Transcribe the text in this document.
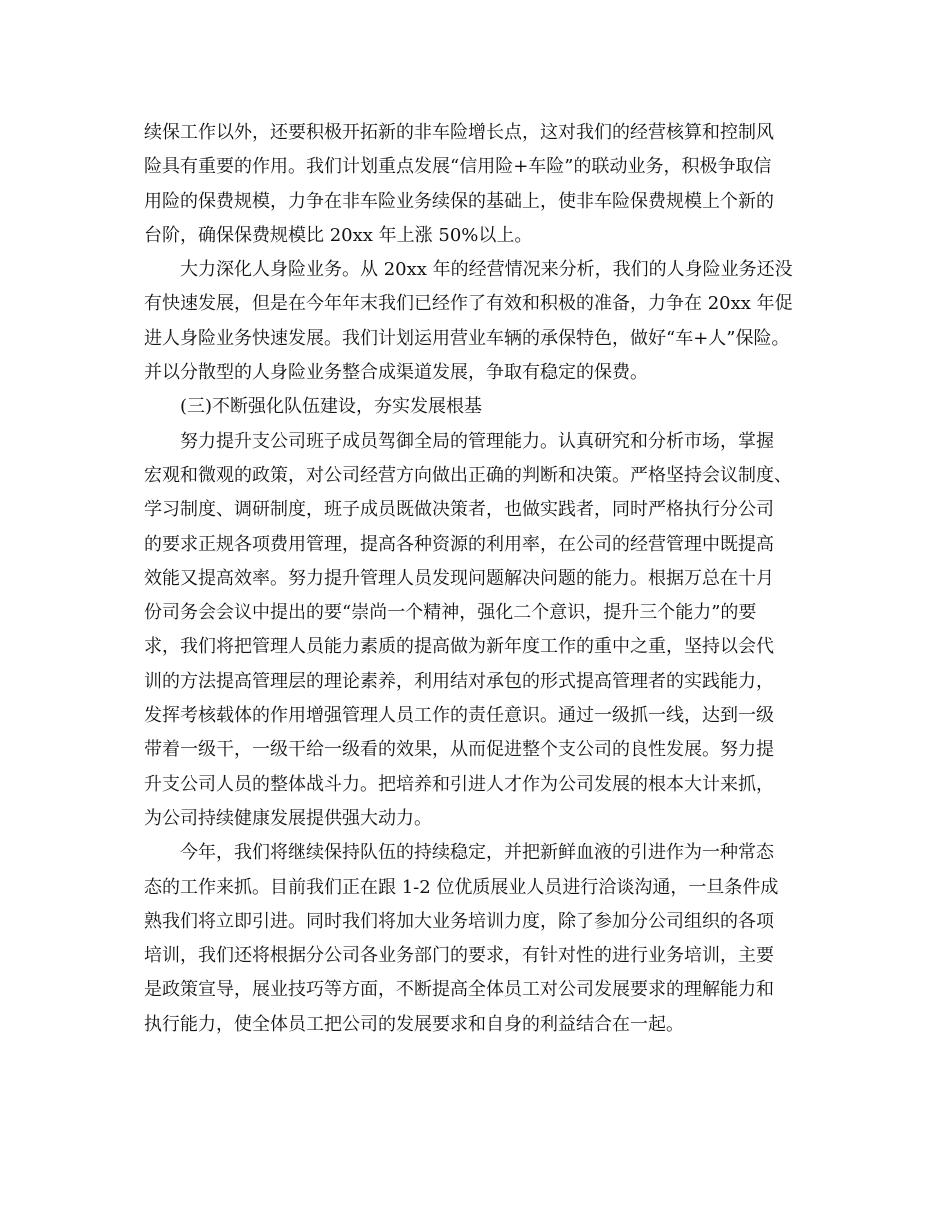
续保工作以外，还要积极开拓新的非车险增长点，这对我们的经营核算和控制风
险具有重要的作用。我们计划重点发展“信用险+车险”的联动业务，积极争取信
用险的保费规模，力争在非车险业务续保的基础上，使非车险保费规模上个新的
台阶，确保保费规模比 20xx 年上涨 50%以上。
大力深化人身险业务。从 20xx 年的经营情况来分析，我们的人身险业务还没
有快速发展，但是在今年年末我们已经作了有效和积极的准备，力争在 20xx 年促
进人身险业务快速发展。我们计划运用营业车辆的承保特色，做好“车+人”保险。
并以分散型的人身险业务整合成渠道发展，争取有稳定的保费。
(三)不断强化队伍建设，夯实发展根基
努力提升支公司班子成员驾御全局的管理能力。认真研究和分析市场，掌握
宏观和微观的政策，对公司经营方向做出正确的判断和决策。严格坚持会议制度、
学习制度、调研制度，班子成员既做决策者，也做实践者，同时严格执行分公司
的要求正规各项费用管理，提高各种资源的利用率，在公司的经营管理中既提高
效能又提高效率。努力提升管理人员发现问题解决问题的能力。根据万总在十月
份司务会会议中提出的要“崇尚一个精神，强化二个意识，提升三个能力”的要
求，我们将把管理人员能力素质的提高做为新年度工作的重中之重，坚持以会代
训的方法提高管理层的理论素养，利用结对承包的形式提高管理者的实践能力，
发挥考核载体的作用增强管理人员工作的责任意识。通过一级抓一线，达到一级
带着一级干，一级干给一级看的效果，从而促进整个支公司的良性发展。努力提
升支公司人员的整体战斗力。把培养和引进人才作为公司发展的根本大计来抓，
为公司持续健康发展提供强大动力。
今年，我们将继续保持队伍的持续稳定，并把新鲜血液的引进作为一种常态
态的工作来抓。目前我们正在跟 1-2 位优质展业人员进行洽谈沟通，一旦条件成
熟我们将立即引进。同时我们将加大业务培训力度，除了参加分公司组织的各项
培训，我们还将根据分公司各业务部门的要求，有针对性的进行业务培训，主要
是政策宣导，展业技巧等方面，不断提高全体员工对公司发展要求的理解能力和
执行能力，使全体员工把公司的发展要求和自身的利益结合在一起。
